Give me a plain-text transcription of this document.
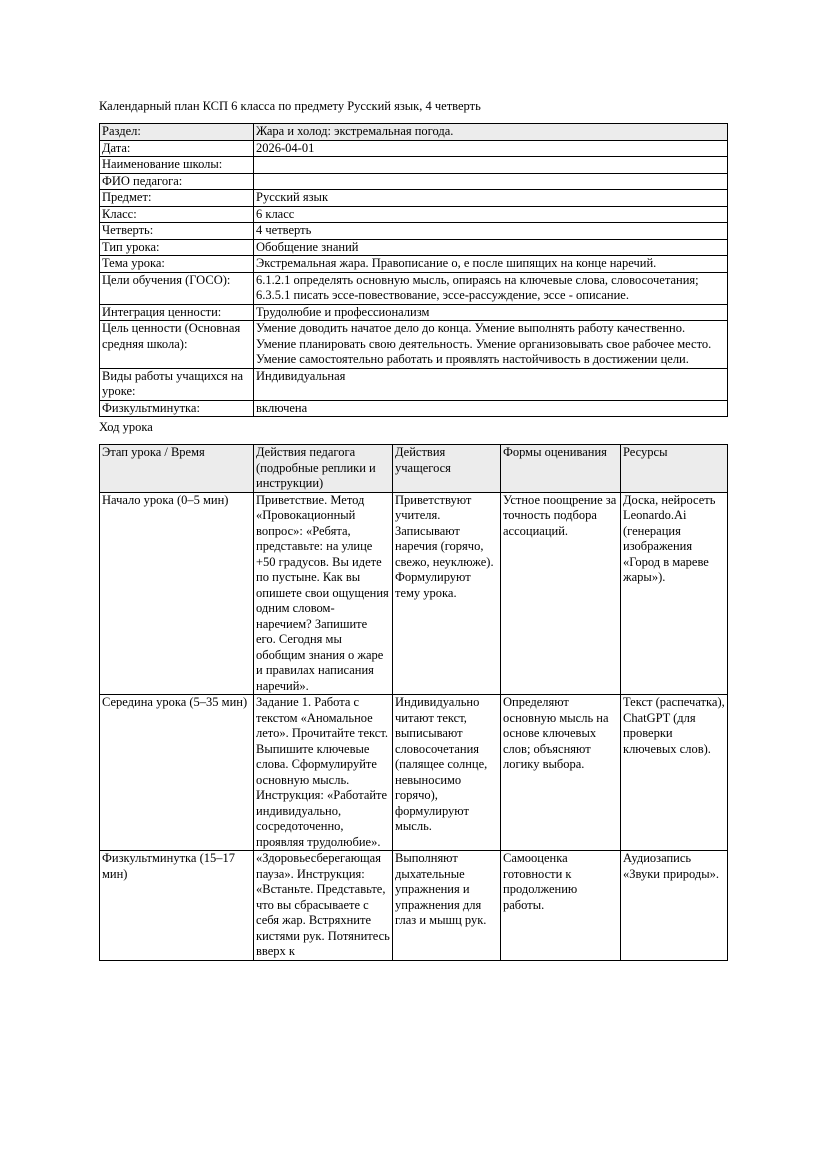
Календарный план КСП 6 класса по предмету Русский язык, 4 четверть

Раздел:	Жара и холод: экстремальная погода.
Дата:	2026-04-01
Наименование школы:	
ФИО педагога:	
Предмет:	Русский язык
Класс:	6 класс
Четверть:	4 четверть
Тип урока:	Обобщение знаний
Тема урока:	Экстремальная жара. Правописание о, е после шипящих на конце наречий.
Цели обучения (ГОСО):	6.1.2.1 определять основную мысль, опираясь на ключевые слова, словосочетания; 6.3.5.1 писать эссе-повествование, эссе-рассуждение, эссе - описание.
Интеграция ценности:	Трудолюбие и профессионализм
Цель ценности (Основная средняя школа):	Умение доводить начатое дело до конца. Умение выполнять работу качественно. Умение планировать свою деятельность. Умение организовывать свое рабочее место. Умение самостоятельно работать и проявлять настойчивость в достижении цели.
Виды работы учащихся на уроке:	Индивидуальная
Физкультминутка:	включена

Ход урока

Этап урока / Время	Действия педагога (подробные реплики и инструкции)	Действия учащегося	Формы оценивания	Ресурсы
Начало урока (0–5 мин)	Приветствие. Метод «Провокационный вопрос»: «Ребята, представьте: на улице +50 градусов. Вы идете по пустыне. Как вы опишете свои ощущения одним словом-наречием? Запишите его. Сегодня мы обобщим знания о жаре и правилах написания наречий».	Приветствуют учителя. Записывают наречия (горячо, свежо, неуклюже). Формулируют тему урока.	Устное поощрение за точность подбора ассоциаций.	Доска, нейросеть Leonardo.Ai (генерация изображения «Город в мареве жары»).
Середина урока (5–35 мин)	Задание 1. Работа с текстом «Аномальное лето». Прочитайте текст. Выпишите ключевые слова. Сформулируйте основную мысль. Инструкция: «Работайте индивидуально, сосредоточенно, проявляя трудолюбие».	Индивидуально читают текст, выписывают словосочетания (палящее солнце, невыносимо горячо), формулируют мысль.	Определяют основную мысль на основе ключевых слов; объясняют логику выбора.	Текст (распечатка), ChatGPT (для проверки ключевых слов).
Физкультминутка (15–17 мин)	«Здоровьесберегающая пауза». Инструкция: «Встаньте. Представьте, что вы сбрасываете с себя жар. Встряхните кистями рук. Потянитесь вверх к	Выполняют дыхательные упражнения и упражнения для глаз и мышц рук.	Самооценка готовности к продолжению работы.	Аудиозапись «Звуки природы».
